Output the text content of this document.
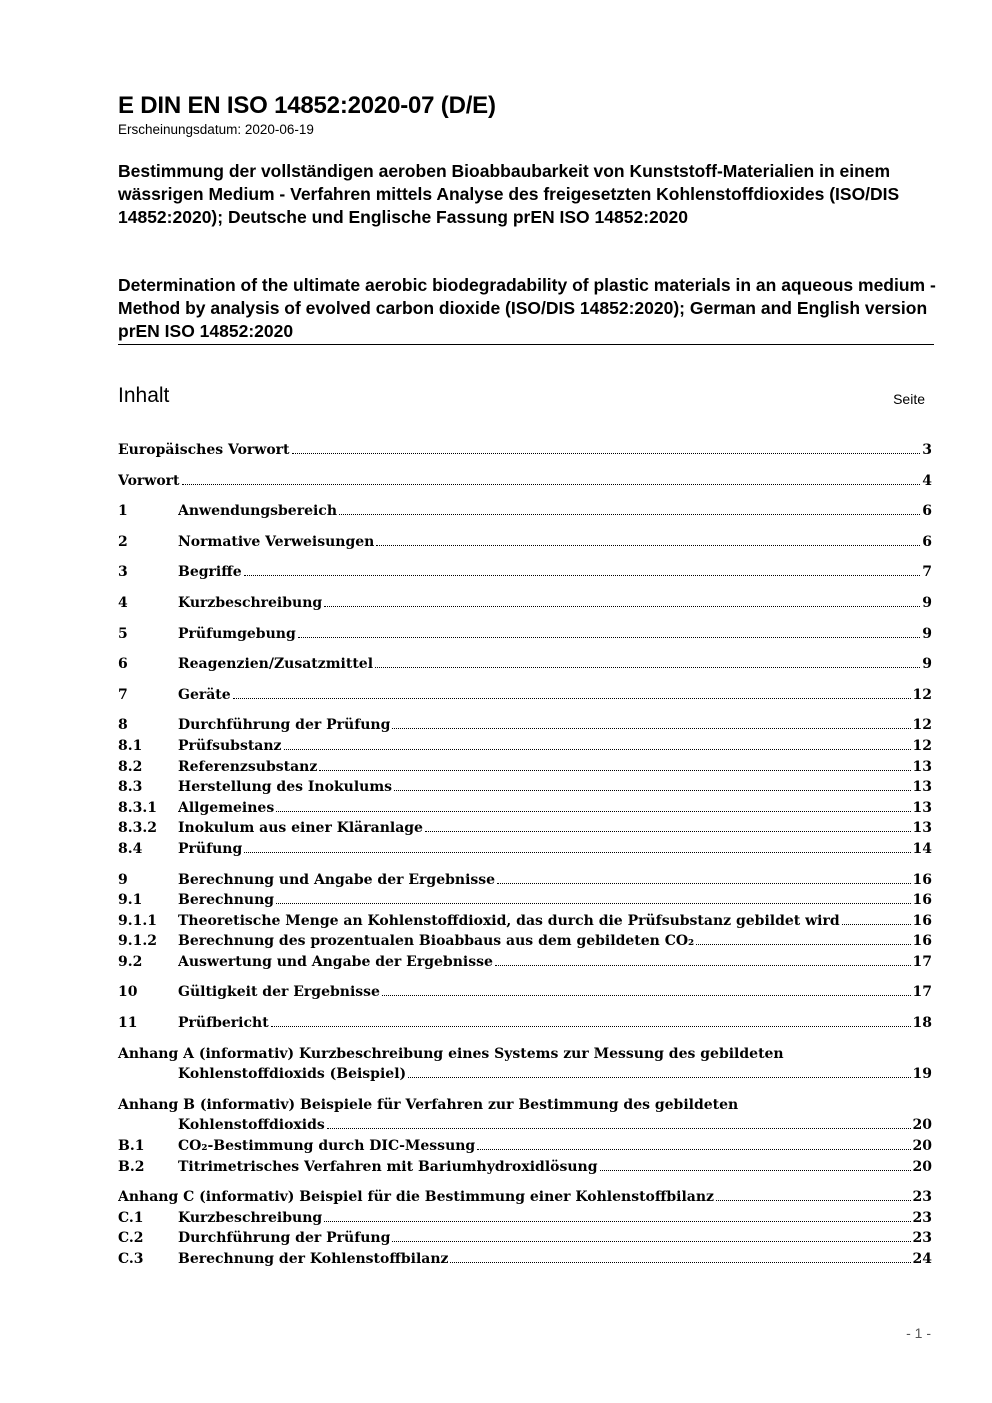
E DIN EN ISO 14852:2020-07 (D/E)
Erscheinungsdatum: 2020-06-19
Bestimmung der vollständigen aeroben Bioabbaubarkeit von Kunststoff-Materialien in einem wässrigen Medium - Verfahren mittels Analyse des freigesetzten Kohlenstoffdioxides (ISO/DIS 14852:2020); Deutsche und Englische Fassung prEN ISO 14852:2020
Determination of the ultimate aerobic biodegradability of plastic materials in an aqueous medium - Method by analysis of evolved carbon dioxide (ISO/DIS 14852:2020); German and English version prEN ISO 14852:2020
Inhalt	Seite
Europäisches Vorwort	3
Vorwort	4
1	Anwendungsbereich	6
2	Normative Verweisungen	6
3	Begriffe	7
4	Kurzbeschreibung	9
5	Prüfumgebung	9
6	Reagenzien/Zusatzmittel	9
7	Geräte	12
8	Durchführung der Prüfung	12
8.1	Prüfsubstanz	12
8.2	Referenzsubstanz	13
8.3	Herstellung des Inokulums	13
8.3.1	Allgemeines	13
8.3.2	Inokulum aus einer Kläranlage	13
8.4	Prüfung	14
9	Berechnung und Angabe der Ergebnisse	16
9.1	Berechnung	16
9.1.1	Theoretische Menge an Kohlenstoffdioxid, das durch die Prüfsubstanz gebildet wird	16
9.1.2	Berechnung des prozentualen Bioabbaus aus dem gebildeten CO₂	16
9.2	Auswertung und Angabe der Ergebnisse	17
10	Gültigkeit der Ergebnisse	17
11	Prüfbericht	18
Anhang A (informativ) Kurzbeschreibung eines Systems zur Messung des gebildeten
Kohlenstoffdioxids (Beispiel)	19
Anhang B (informativ) Beispiele für Verfahren zur Bestimmung des gebildeten
Kohlenstoffdioxids	20
B.1	CO₂-Bestimmung durch DIC-Messung	20
B.2	Titrimetrisches Verfahren mit Bariumhydroxidlösung	20
Anhang C (informativ) Beispiel für die Bestimmung einer Kohlenstoffbilanz	23
C.1	Kurzbeschreibung	23
C.2	Durchführung der Prüfung	23
C.3	Berechnung der Kohlenstoffbilanz	24
- 1 -
